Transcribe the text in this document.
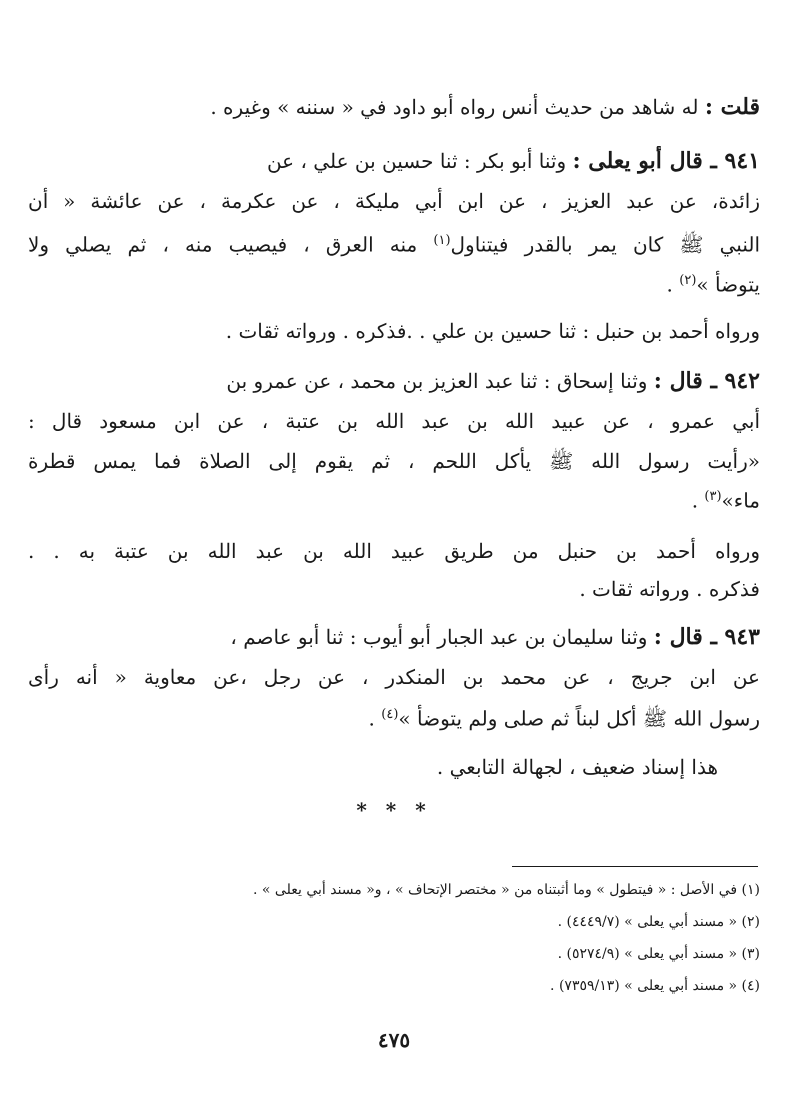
قلت : له شاهد من حديث أنس رواه أبو داود في « سننه » وغيره .
٩٤١ ـ قال أبو يعلى : وثنا أبو بكر : ثنا حسين بن علي ، عن
زائدة، عن عبد العزيز ، عن ابن أبي مليكة ، عن عكرمة ، عن عائشة « أن
النبي ﷺ كان يمر بالقدر فيتناول$^{(١)}$ منه العرق ، فيصيب منه ، ثم يصلي ولا
يتوضأ »$^{(٢)}$ .
ورواه أحمد بن حنبل : ثنا حسين بن علي . .فذكره . ورواته ثقات .
٩٤٢ ـ قال : وثنا إسحاق : ثنا عبد العزيز بن محمد ، عن عمرو بن
أبي عمرو ، عن عبيد الله بن عبد الله بن عتبة ، عن ابن مسعود قال :
«رأيت رسول الله ﷺ يأكل اللحم ، ثم يقوم إلى الصلاة فما يمس قطرة
ماء»$^{(٣)}$ .
ورواه أحمد بن حنبل من طريق عبيد الله بن عبد الله بن عتبة به . .
فذكره . ورواته ثقات .
٩٤٣ ـ قال : وثنا سليمان بن عبد الجبار أبو أيوب : ثنا أبو عاصم ،
عن ابن جريج ، عن محمد بن المنكدر ، عن رجل ،عن معاوية « أنه رأى
رسول الله ﷺ أكل لبناً ثم صلى ولم يتوضأ »$^{(٤)}$ .
هذا إسناد ضعيف ، لجهالة التابعي .
* * *
(١) في الأصل : « فيتطول » وما أثبتناه من « مختصر الإتحاف » ، و« مسند أبي يعلى » .
(٢) « مسند أبي يعلى » (٤٤٤٩/٧) .
(٣) « مسند أبي يعلى » (٥٢٧٤/٩) .
(٤) « مسند أبي يعلى » (٧٣٥٩/١٣) .
٤٧٥
